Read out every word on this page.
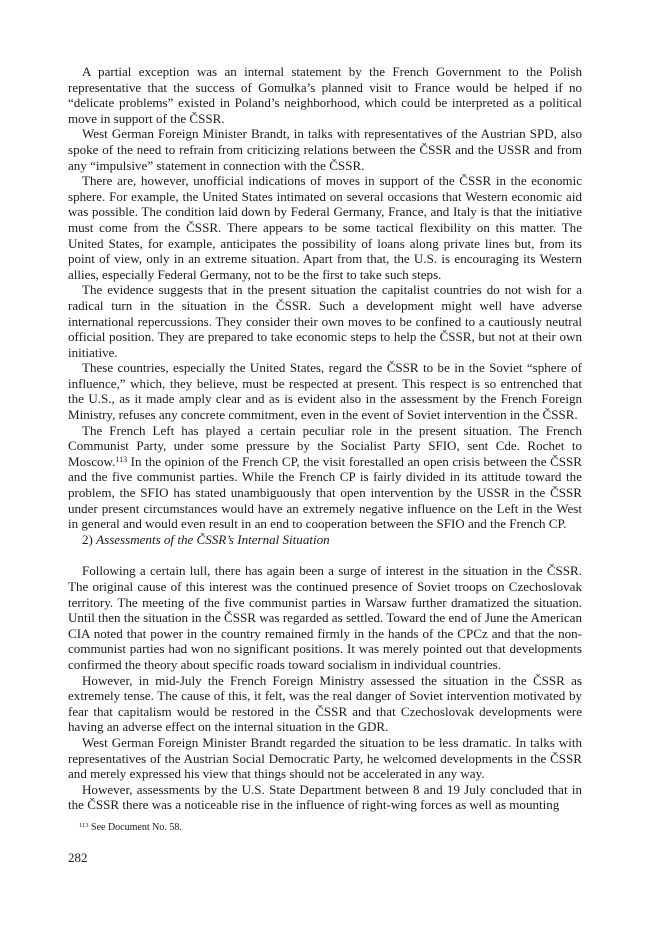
A partial exception was an internal statement by the French Government to the Polish representative that the success of Gomułka’s planned visit to France would be helped if no “delicate problems” existed in Poland’s neighborhood, which could be interpreted as a political move in support of the ČSSR.

West German Foreign Minister Brandt, in talks with representatives of the Austrian SPD, also spoke of the need to refrain from criticizing relations between the ČSSR and the USSR and from any “impulsive” statement in connection with the ČSSR.

There are, however, unofficial indications of moves in support of the ČSSR in the economic sphere. For example, the United States intimated on several occasions that Western economic aid was possible. The condition laid down by Federal Germany, France, and Italy is that the initiative must come from the ČSSR. There appears to be some tactical flexibility on this matter. The United States, for example, anticipates the possibility of loans along private lines but, from its point of view, only in an extreme situation. Apart from that, the U.S. is encouraging its Western allies, especially Federal Germany, not to be the first to take such steps.

The evidence suggests that in the present situation the capitalist countries do not wish for a radical turn in the situation in the ČSSR. Such a development might well have adverse international repercussions. They consider their own moves to be confined to a cautiously neutral official position. They are prepared to take economic steps to help the ČSSR, but not at their own initiative.

These countries, especially the United States, regard the ČSSR to be in the Soviet “sphere of influence,” which, they believe, must be respected at present. This respect is so entrenched that the U.S., as it made amply clear and as is evident also in the assessment by the French Foreign Ministry, refuses any concrete commitment, even in the event of Soviet intervention in the ČSSR.

The French Left has played a certain peculiar role in the present situation. The French Communist Party, under some pressure by the Socialist Party SFIO, sent Cde. Rochet to Moscow.$^{113}$ In the opinion of the French CP, the visit forestalled an open crisis between the ČSSR and the five communist parties. While the French CP is fairly divided in its attitude toward the problem, the SFIO has stated unambiguously that open intervention by the USSR in the ČSSR under present circumstances would have an extremely negative influence on the Left in the West in general and would even result in an end to cooperation between the SFIO and the French CP.

2) Assessments of the ČSSR’s Internal Situation

Following a certain lull, there has again been a surge of interest in the situation in the ČSSR. The original cause of this interest was the continued presence of Soviet troops on Czechoslovak territory. The meeting of the five communist parties in Warsaw further dramatized the situation. Until then the situation in the ČSSR was regarded as settled. Toward the end of June the American CIA noted that power in the country remained firmly in the hands of the CPCz and that the non-communist parties had won no significant positions. It was merely pointed out that developments confirmed the theory about specific roads toward socialism in individual countries.

However, in mid-July the French Foreign Ministry assessed the situation in the ČSSR as extremely tense. The cause of this, it felt, was the real danger of Soviet intervention motivated by fear that capitalism would be restored in the ČSSR and that Czechoslovak developments were having an adverse effect on the internal situation in the GDR.

West German Foreign Minister Brandt regarded the situation to be less dramatic. In talks with representatives of the Austrian Social Democratic Party, he welcomed developments in the ČSSR and merely expressed his view that things should not be accelerated in any way.

However, assessments by the U.S. State Department between 8 and 19 July concluded that in the ČSSR there was a noticeable rise in the influence of right-wing forces as well as mounting

$^{113}$ See Document No. 58.
282
